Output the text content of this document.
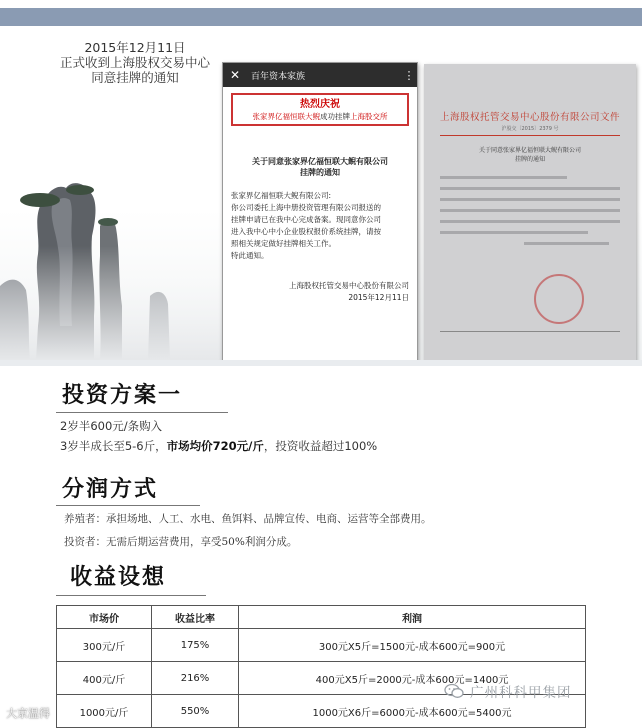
2015年12月11日
正式收到上海股权交易中心
同意挂牌的通知	✕	百年资本家族	⋮
热烈庆祝
张家界亿福恒联大鲵成功挂牌上海股交所
关于同意张家界亿福恒联大鲵有限公司
挂牌的通知
张家界亿福恒联大鲵有限公司:
你公司委托上海中册投资管理有限公司报送的
挂牌申请已在我中心完成备案。现同意你公司
进入我中心中小企业股权报价系统挂牌，请按
照相关规定做好挂牌相关工作。
特此通知。
上海股权托管交易中心股份有限公司
2015年12月11日
上海股权托管交易中心股份有限公司文件
沪股交〔2015〕2379 号
关于同意张家界亿福恒联大鲵有限公司
挂牌的通知
投资方案一
2岁半600元/条购入
3岁半成长至5-6斤，市场均价720元/斤，投资收益超过100%
分润方式
养殖者：承担场地、人工、水电、鱼饵料、品牌宣传、电商、运营等全部费用。
投资者：无需后期运营费用，享受50%利润分成。
收益设想
市场价	收益比率	利润
300元/斤	175%	300元X5斤=1500元-成本600元=900元
400元/斤	216%	400元X5斤=2000元-成本600元=1400元
1000元/斤	550%	1000元X6斤=6000元-成本600元=5400元
大京温得
广州科科甲集团
